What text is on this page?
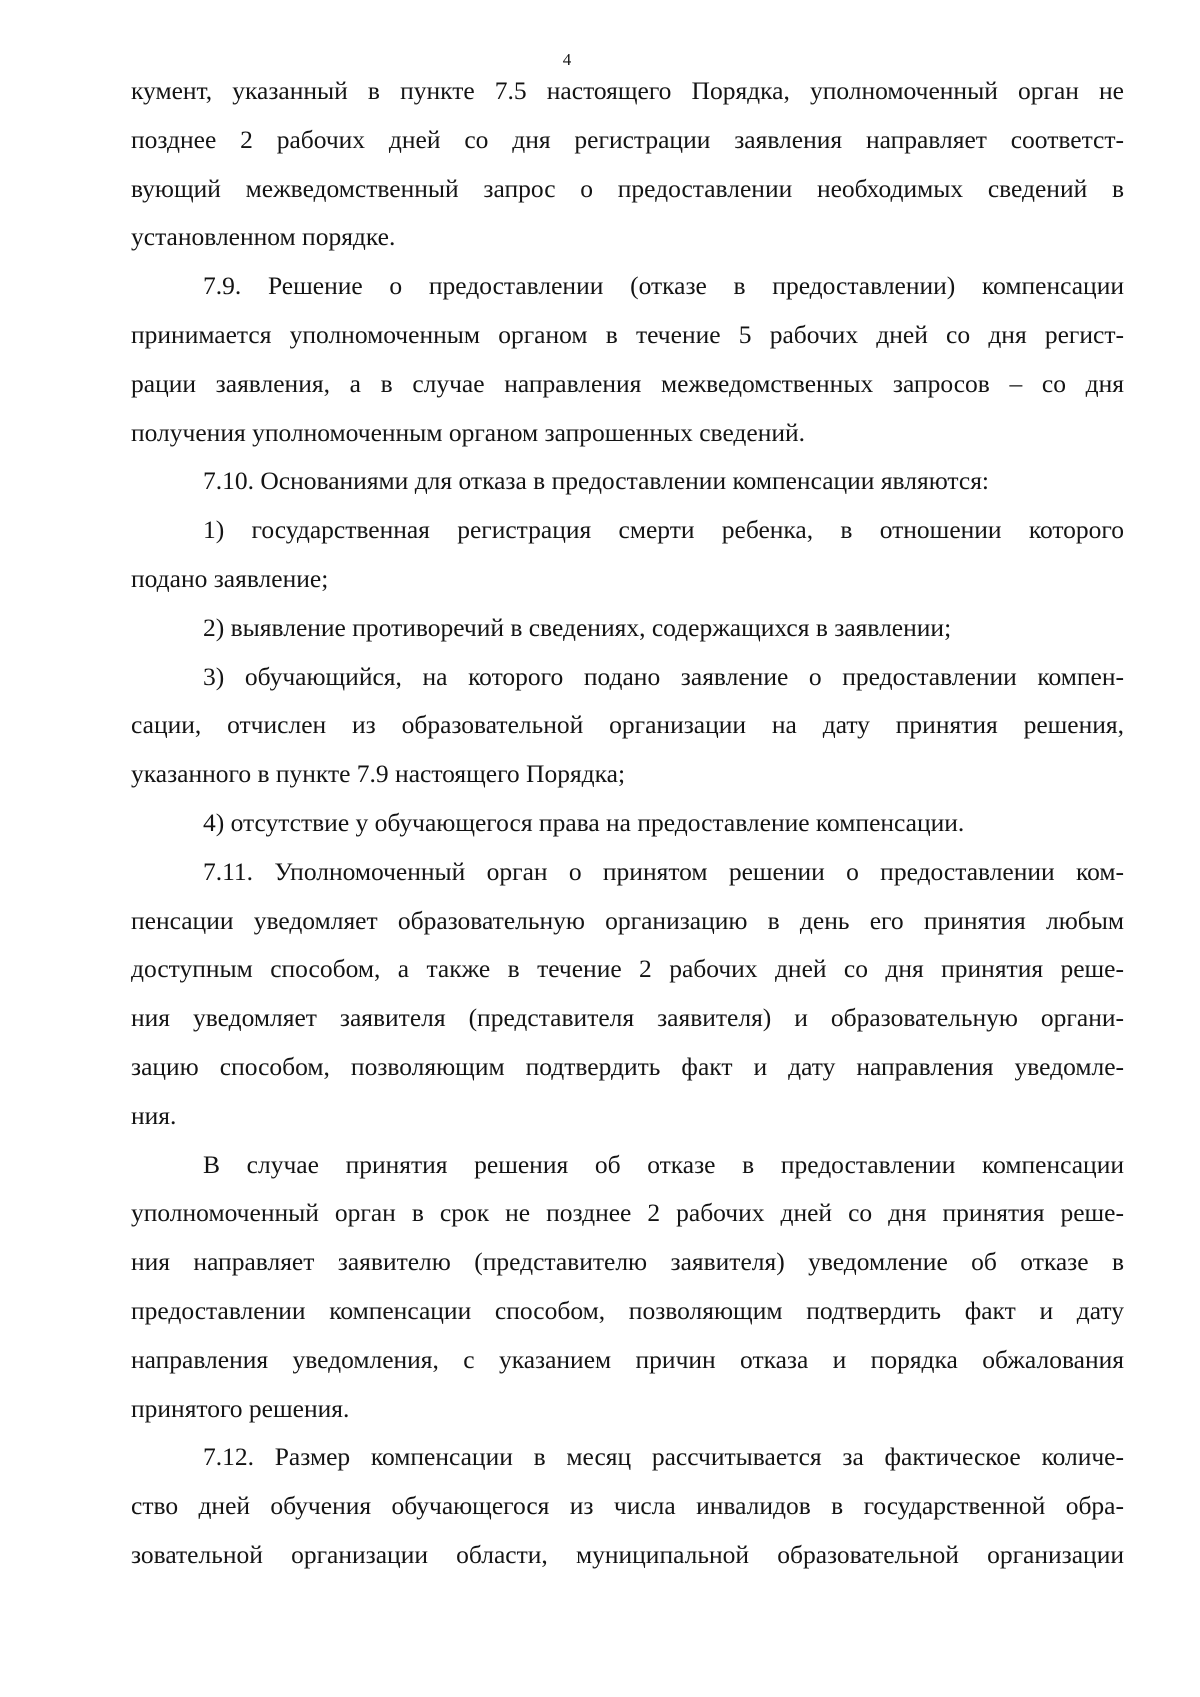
4
кумент, указанный в пункте 7.5 настоящего Порядка, уполномоченный орган не
позднее 2 рабочих дней со дня регистрации заявления направляет соответст-
вующий межведомственный запрос о предоставлении необходимых сведений в
установленном порядке.
7.9. Решение о предоставлении (отказе в предоставлении) компенсации
принимается уполномоченным органом в течение 5 рабочих дней со дня регист-
рации заявления, а в случае направления межведомственных запросов – со дня
получения уполномоченным органом запрошенных сведений.
7.10. Основаниями для отказа в предоставлении компенсации являются:
1) государственная регистрация смерти ребенка, в отношении которого
подано заявление;
2) выявление противоречий в сведениях, содержащихся в заявлении;
3) обучающийся, на которого подано заявление о предоставлении компен-
сации, отчислен из образовательной организации на дату принятия решения,
указанного в пункте 7.9 настоящего Порядка;
4) отсутствие у обучающегося права на предоставление компенсации.
7.11. Уполномоченный орган о принятом решении о предоставлении ком-
пенсации уведомляет образовательную организацию в день его принятия любым
доступным способом, а также в течение 2 рабочих дней со дня принятия реше-
ния уведомляет заявителя (представителя заявителя) и образовательную органи-
зацию способом, позволяющим подтвердить факт и дату направления уведомле-
ния.
В случае принятия решения об отказе в предоставлении компенсации
уполномоченный орган в срок не позднее 2 рабочих дней со дня принятия реше-
ния направляет заявителю (представителю заявителя) уведомление об отказе в
предоставлении компенсации способом, позволяющим подтвердить факт и дату
направления уведомления, с указанием причин отказа и порядка обжалования
принятого решения.
7.12. Размер компенсации в месяц рассчитывается за фактическое количе-
ство дней обучения обучающегося из числа инвалидов в государственной обра-
зовательной организации области, муниципальной образовательной организации
